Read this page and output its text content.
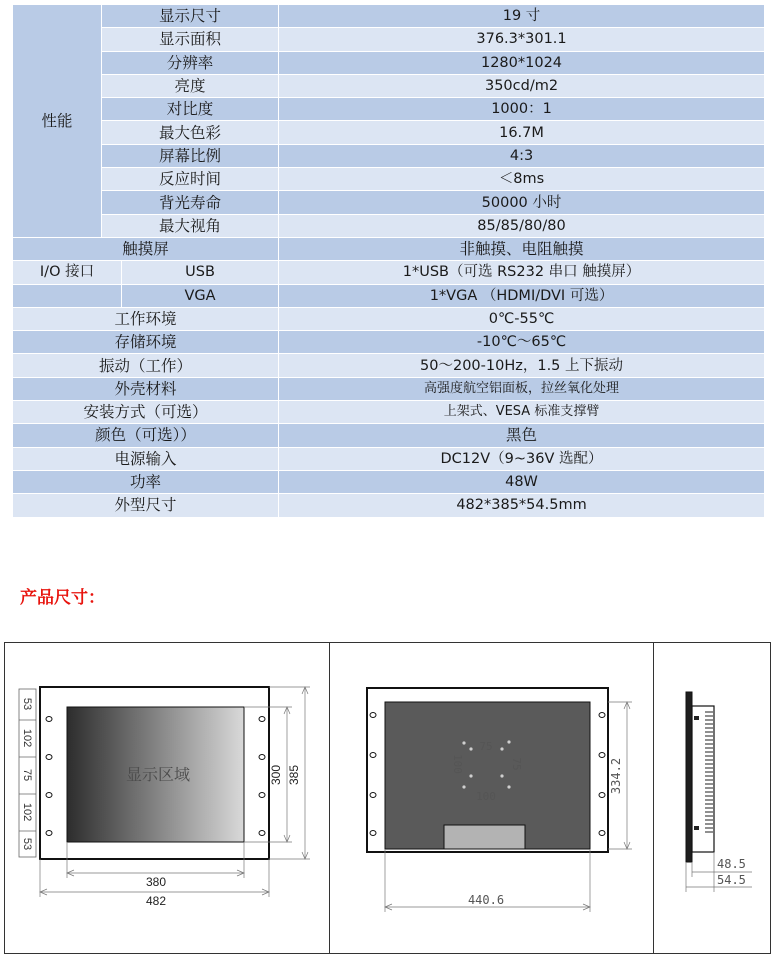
性能	显示尺寸		19 寸
	显示面积		376.3*301.1
	分辨率		1280*1024
	亮度		350cd/m2
	对比度		1000：1
	最大色彩		16.7M
	屏幕比例		4:3
	反应时间		＜8ms
	背光寿命		50000 小时
	最大视角		85/85/80/80
触摸屏			非触摸、电阻触摸
I/O 接口		USB	1*USB（可选 RS232 串口 触摸屏）
		VGA	1*VGA （HDMI/DVI 可选）
工作环境			0℃-55℃
存储环境			-10℃～65℃
振动（工作）			50～200-10Hz，1.5 上下振动
外壳材料			高强度航空铝面板，拉丝氧化处理
安装方式（可选）			上架式、VESA 标准支撑臂
颜色（可选））			黑色
电源输入			DC12V（9~36V 选配）
功率			48W
外型尺寸			482*385*54.5mm
产品尺寸：
显示区域
53
102
75
102
53
300 385
380
482
75
100	75
100
334.2
440.6
48.5
54.5
